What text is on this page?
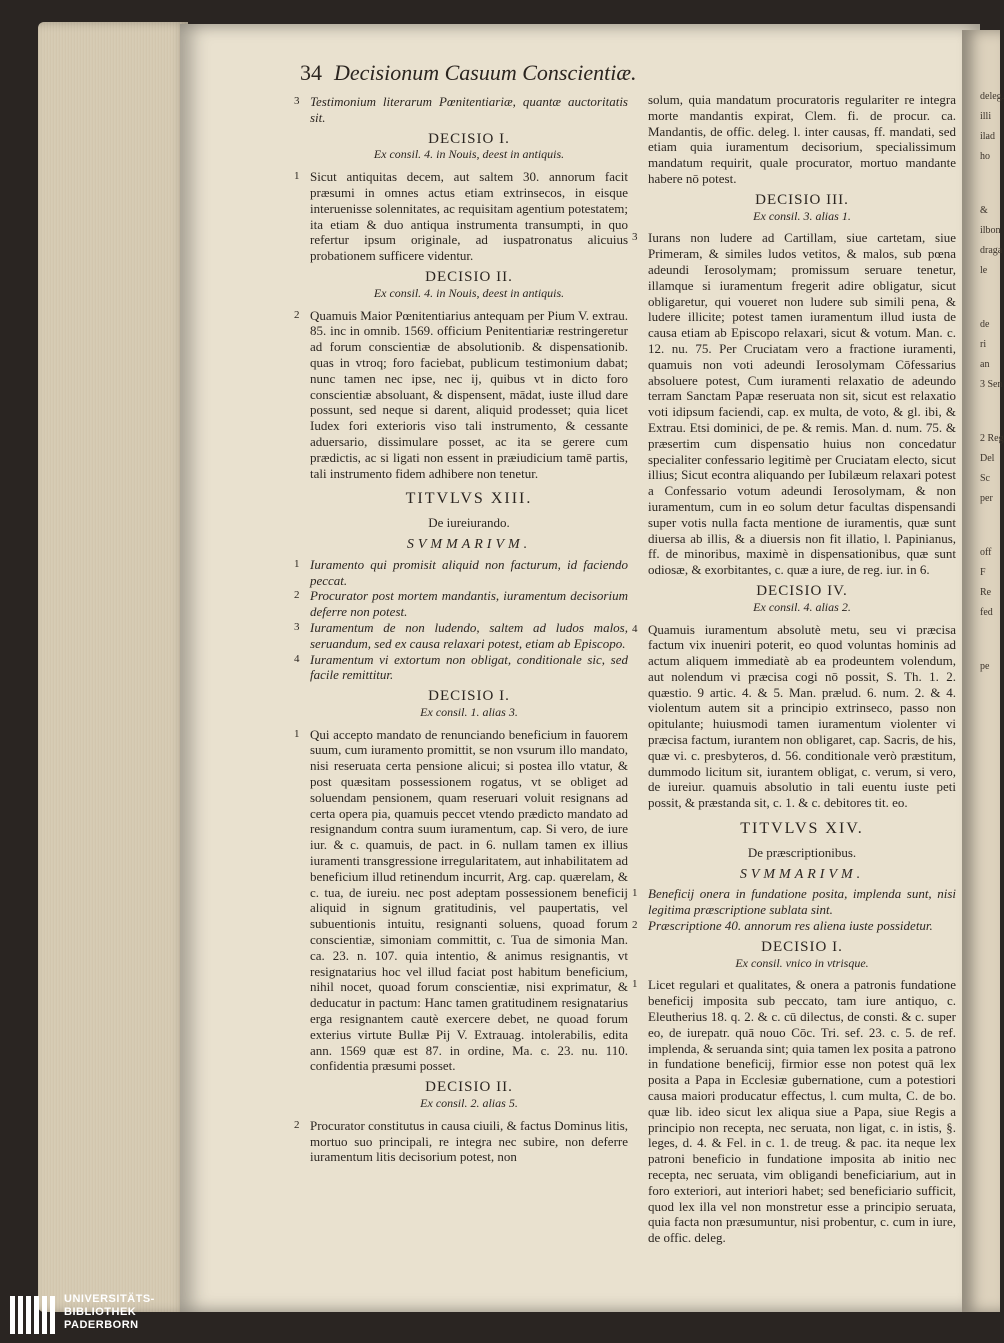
deleg.
illi
ilad
ho
&
ilbon
draga
le
de
ri
an
3 Sen
2 Reg
Del
Sc
per
off
F
Re
fed
pe
34 Decisionum Casuum Conscientiæ.

3 Testimonium literarum Pœnitentiariæ, quantæ auctoritatis sit.

DECISIO I.
Ex consil. 4. in Nouis, deest in antiquis.

1 Sicut antiquitas decem, aut saltem 30. annorum facit præsumi in omnes actus etiam extrinsecos, in eisque interuenisse solennitates, ac requisitam agentium potestatem; ita etiam & duo antiqua instrumenta transumpti, in quo refertur ipsum originale, ad iuspatronatus alicuius probationem sufficere videntur.

DECISIO II.
Ex consil. 4. in Nouis, deest in antiquis.

2 Quamuis Maior Pœnitentiarius antequam per Pium V. extrau. 85. inc in omnib. 1569. officium Penitentiariæ restringeretur ad forum conscientiæ de absolutionib. & dispensationib. quas in vtroq; foro faciebat, publicum testimonium dabat; nunc tamen nec ipse, nec ij, quibus vt in dicto foro conscientiæ absoluant, & dispensent, mādat, iuste illud dare possunt, sed neque si darent, aliquid prodesset; quia licet Iudex fori exterioris viso tali instrumento, & cessante aduersario, dissimulare posset, ac ita se gerere cum prædictis, ac si ligati non essent in præiudicium tamē partis, tali instrumento fidem adhibere non tenetur.

TITVLVS XIII.
De iureiurando.
SVMMARIVM.

1 Iuramento qui promisit aliquid non facturum, id faciendo peccat.

2 Procurator post mortem mandantis, iuramentum decisorium deferre non potest.

3 Iuramentum de non ludendo, saltem ad ludos malos, seruandum, sed ex causa relaxari potest, etiam ab Episcopo.

4 Iuramentum vi extortum non obligat, conditionale sic, sed facile remittitur.

DECISIO I.
Ex consil. 1. alias 3.

1 Qui accepto mandato de renunciando beneficium in fauorem suum, cum iuramento promittit, se non vsurum illo mandato, nisi reseruata certa pensione alicui; si postea illo vtatur, & post quæsitam possessionem rogatus, vt se obliget ad soluendam pensionem, quam reseruari voluit resignans ad certa opera pia, quamuis peccet vtendo prædicto mandato ad resignandum contra suum iuramentum, cap. Si vero, de iure iur. & c. quamuis, de pact. in 6. nullam tamen ex illius iuramenti transgressione irregularitatem, aut inhabilitatem ad beneficium illud retinendum incurrit, Arg. cap. quærelam, & c. tua, de iureiu. nec post adeptam possessionem beneficij aliquid in signum gratitudinis, vel paupertatis, vel subuentionis intuitu, resignanti soluens, quoad forum conscientiæ, simoniam committit, c. Tua de simonia Man. ca. 23. n. 107. quia intentio, & animus resignantis, vt resignatarius hoc vel illud faciat post habitum beneficium, nihil nocet, quoad forum conscientiæ, nisi exprimatur, & deducatur in pactum: Hanc tamen gratitudinem resignatarius erga resignantem cautè exercere debet, ne quoad forum exterius virtute Bullæ Pij V. Extrauag. intolerabilis, edita ann. 1569 quæ est 87. in ordine, Ma. c. 23. nu. 110. confidentia præsumi posset.

DECISIO II.
Ex consil. 2. alias 5.

2 Procurator constitutus in causa ciuili, & factus Dominus litis, mortuo suo principali, re integra nec subire, non deferre iuramentum litis decisorium potest, non

solum, quia mandatum procuratoris regulariter re integra morte mandantis expirat, Clem. fi. de procur. ca. Mandantis, de offic. deleg. l. inter causas, ff. mandati, sed etiam quia iuramentum decisorium, specialissimum mandatum requirit, quale procurator, mortuo mandante habere nō potest.

DECISIO III.
Ex consil. 3. alias 1.

3 Iurans non ludere ad Cartillam, siue cartetam, siue Primeram, & similes ludos vetitos, & malos, sub pœna adeundi Ierosolymam; promissum seruare tenetur, illamque si iuramentum fregerit adire obligatur, sicut obligaretur, qui voueret non ludere sub simili pena, & ludere illicite; potest tamen iuramentum illud iusta de causa etiam ab Episcopo relaxari, sicut & votum. Man. c. 12. nu. 75. Per Cruciatam vero a fractione iuramenti, quamuis non voti adeundi Ierosolymam Cōfessarius absoluere potest, Cum iuramenti relaxatio de adeundo terram Sanctam Papæ reseruata non sit, sicut est relaxatio voti idipsum faciendi, cap. ex multa, de voto, & gl. ibi, & Extrau. Etsi dominici, de pe. & remis. Man. d. num. 75. & præsertim cum dispensatio huius non concedatur specialiter confessario legitimè per Cruciatam electo, sicut illius; Sicut econtra aliquando per Iubilæum relaxari potest a Confessario votum adeundi Ierosolymam, & non iuramentum, cum in eo solum detur facultas dispensandi super votis nulla facta mentione de iuramentis, quæ sunt diuersa ab illis, & a diuersis non fit illatio, l. Papinianus, ff. de minoribus, maximè in dispensationibus, quæ sunt odiosæ, & exorbitantes, c. quæ a iure, de reg. iur. in 6.

DECISIO IV.
Ex consil. 4. alias 2.

4 Quamuis iuramentum absolutè metu, seu vi præcisa factum vix inueniri poterit, eo quod voluntas hominis ad actum aliquem immediatè ab ea prodeuntem volendum, aut nolendum vi præcisa cogi nō possit, S. Th. 1. 2. quæstio. 9 artic. 4. & 5. Man. prælud. 6. num. 2. & 4. violentum autem sit a principio extrinseco, passo non opitulante; huiusmodi tamen iuramentum violenter vi præcisa factum, iurantem non obligaret, cap. Sacris, de his, quæ vi. c. presbyteros, d. 56. conditionale verò præstitum, dummodo licitum sit, iurantem obligat, c. verum, si vero, de iureiur. quamuis absolutio in tali euentu iuste peti possit, & præstanda sit, c. 1. & c. debitores tit. eo.

TITVLVS XIV.
De præscriptionibus.
SVMMARIVM.

1 Beneficij onera in fundatione posita, implenda sunt, nisi legitima præscriptione sublata sint.

2 Præscriptione 40. annorum res aliena iuste possidetur.

DECISIO I.
Ex consil. vnico in vtrisque.

1 Licet regulari et qualitates, & onera a patronis fundatione beneficij imposita sub peccato, tam iure antiquo, c. Eleutherius 18. q. 2. & c. cū dilectus, de consti. & c. super eo, de iurepatr. quā nouo Cōc. Tri. sef. 23. c. 5. de ref. implenda, & seruanda sint; quia tamen lex posita a patrono in fundatione beneficij, firmior esse non potest quā lex posita a Papa in Ecclesiæ gubernatione, cum a potestiori causa maiori producatur effectus, l. cum multa, C. de bo. quæ lib. ideo sicut lex aliqua siue a Papa, siue Regis a principio non recepta, nec seruata, non ligat, c. in istis, §. leges, d. 4. & Fel. in c. 1. de treug. & pac. ita neque lex patroni beneficio in fundatione imposita ab initio nec recepta, nec seruata, vim obligandi beneficiarium, aut in foro exteriori, aut interiori habet; sed beneficiario sufficit, quod lex illa vel non monstretur esse a principio seruata, quia facta non præsumuntur, nisi probentur, c. cum in iure, de offic. deleg.

UNIVERSITÄTS-
BIBLIOTHEK
PADERBORN
